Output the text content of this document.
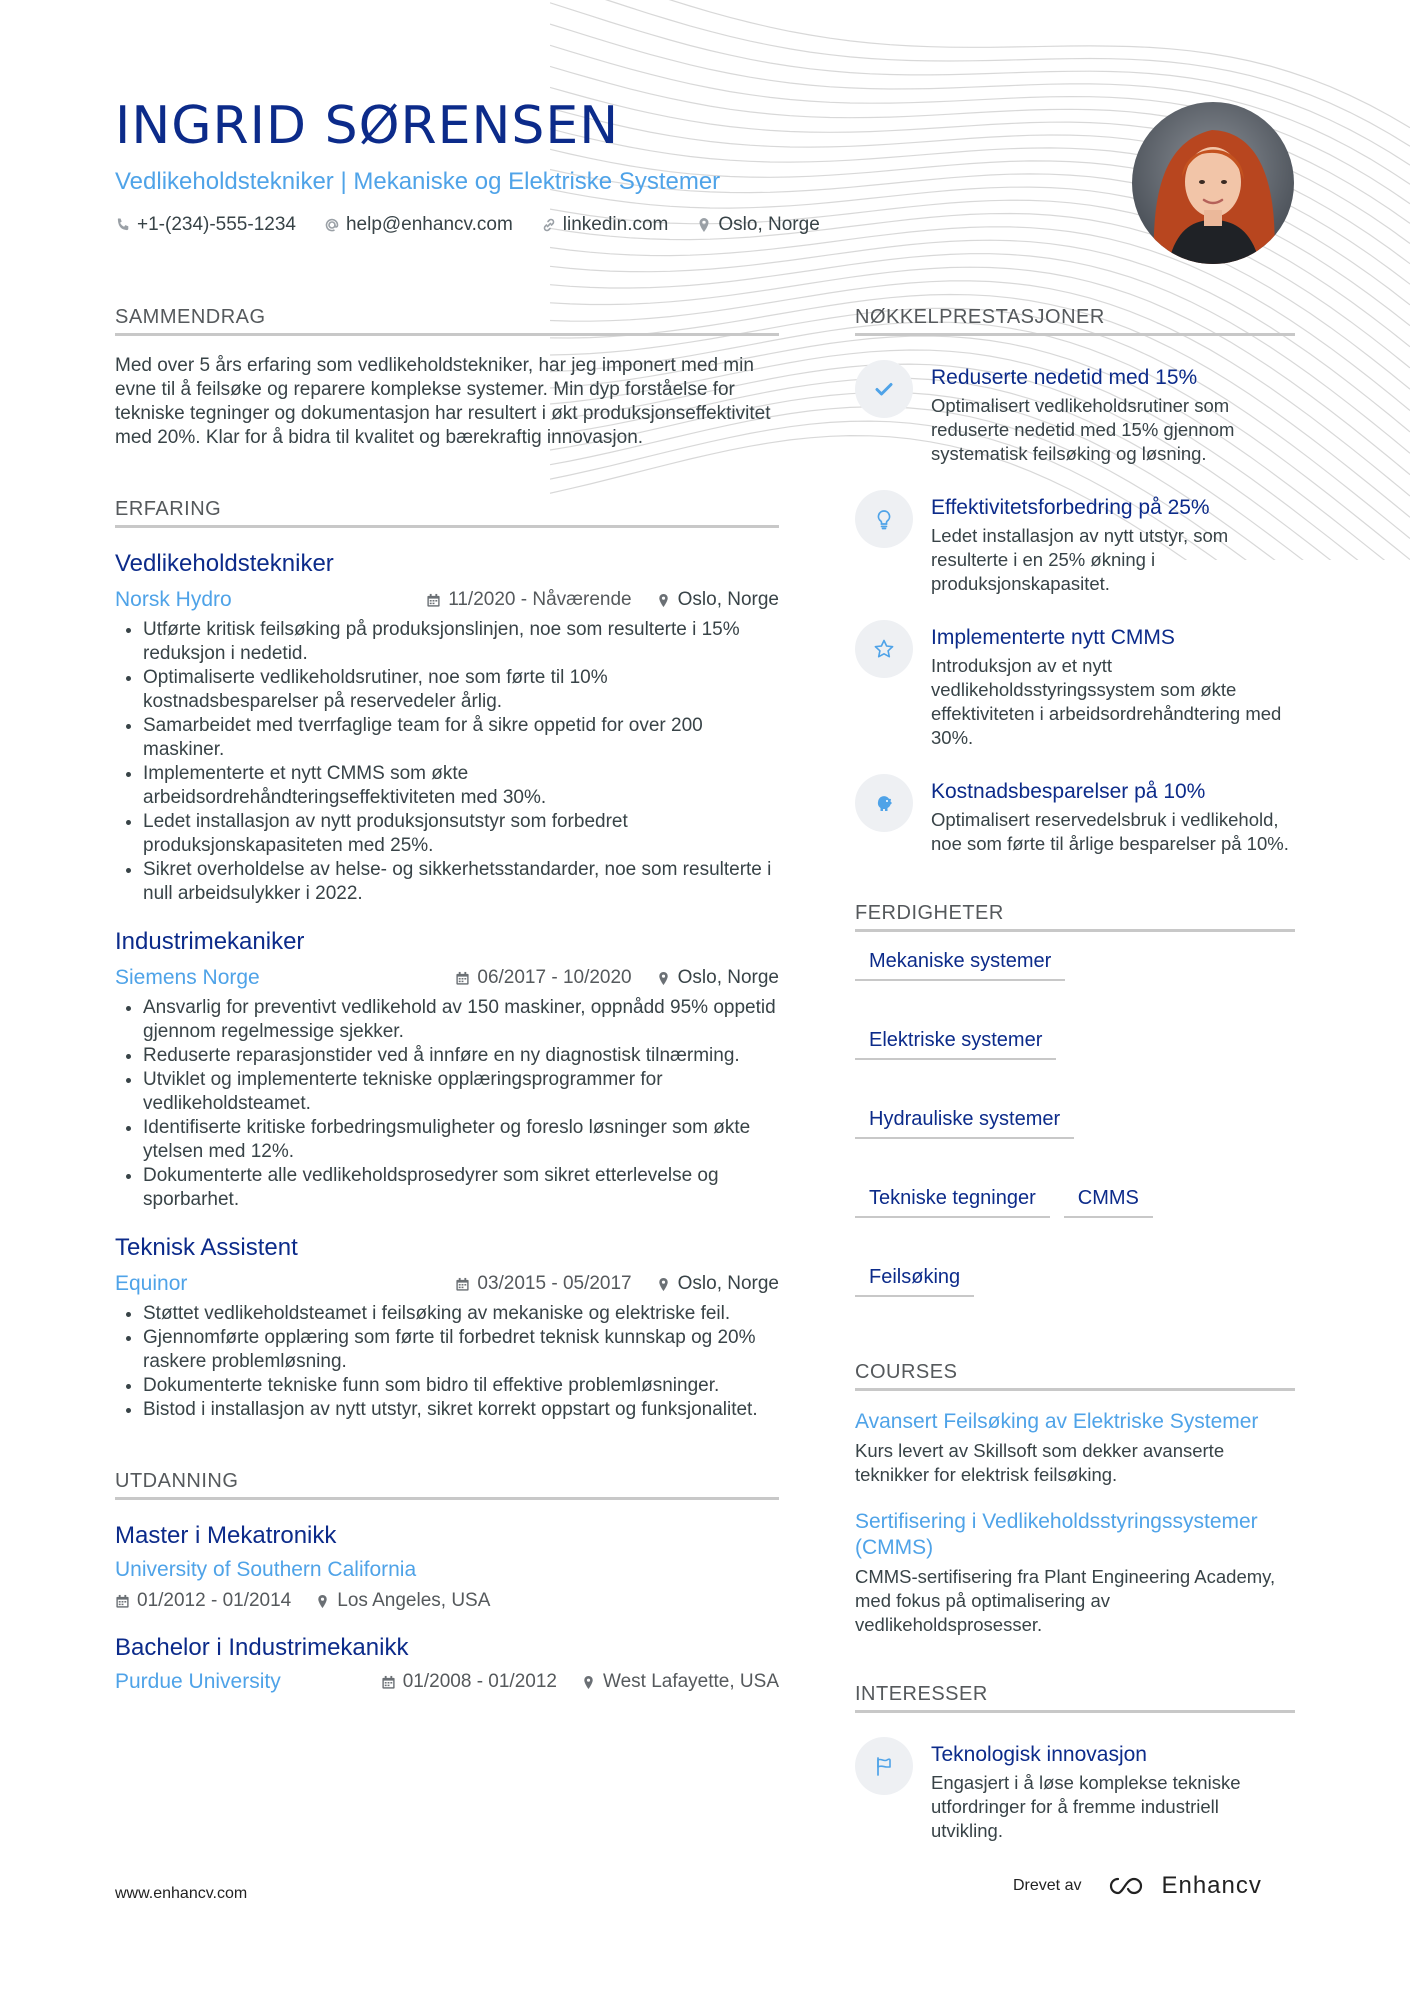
INGRID SØRENSEN
Vedlikeholdstekniker | Mekaniske og Elektriske Systemer
+1-(234)-555-1234	help@enhancv.com	linkedin.com	Oslo, Norge
SAMMENDRAG
Med over 5 års erfaring som vedlikeholdstekniker, har jeg imponert med min evne til å feilsøke og reparere komplekse systemer. Min dyp forståelse for tekniske tegninger og dokumentasjon har resultert i økt produksjonseffektivitet med 20%. Klar for å bidra til kvalitet og bærekraftig innovasjon.
ERFARING
Vedlikeholdstekniker
Norsk Hydro	11/2020 - Nåværende Oslo, Norge
• Utførte kritisk feilsøking på produksjonslinjen, noe som resulterte i 15% reduksjon i nedetid.
• Optimaliserte vedlikeholdsrutiner, noe som førte til 10% kostnadsbesparelser på reservedeler årlig.
• Samarbeidet med tverrfaglige team for å sikre oppetid for over 200 maskiner.
• Implementerte et nytt CMMS som økte arbeidsordrehåndteringseffektiviteten med 30%.
• Ledet installasjon av nytt produksjonsutstyr som forbedret produksjonskapasiteten med 25%.
• Sikret overholdelse av helse- og sikkerhetsstandarder, noe som resulterte i null arbeidsulykker i 2022.
Industrimekaniker
Siemens Norge	06/2017 - 10/2020 Oslo, Norge
• Ansvarlig for preventivt vedlikehold av 150 maskiner, oppnådd 95% oppetid gjennom regelmessige sjekker.
• Reduserte reparasjonstider ved å innføre en ny diagnostisk tilnærming.
• Utviklet og implementerte tekniske opplæringsprogrammer for vedlikeholdsteamet.
• Identifiserte kritiske forbedringsmuligheter og foreslo løsninger som økte ytelsen med 12%.
• Dokumenterte alle vedlikeholdsprosedyrer som sikret etterlevelse og sporbarhet.
Teknisk Assistent
Equinor	03/2015 - 05/2017 Oslo, Norge
• Støttet vedlikeholdsteamet i feilsøking av mekaniske og elektriske feil.
• Gjennomførte opplæring som førte til forbedret teknisk kunnskap og 20% raskere problemløsning.
• Dokumenterte tekniske funn som bidro til effektive problemløsninger.
• Bistod i installasjon av nytt utstyr, sikret korrekt oppstart og funksjonalitet.
UTDANNING
Master i Mekatronikk
University of Southern California
01/2012 - 01/2014 Los Angeles, USA
Bachelor i Industrimekanikk
Purdue University	01/2008 - 01/2012 West Lafayette, USA
NØKKELPRESTASJONER
Reduserte nedetid med 15%
Optimalisert vedlikeholdsrutiner som reduserte nedetid med 15% gjennom systematisk feilsøking og løsning.
Effektivitetsforbedring på 25%
Ledet installasjon av nytt utstyr, som resulterte i en 25% økning i produksjonskapasitet.
Implementerte nytt CMMS
Introduksjon av et nytt vedlikeholdsstyringssystem som økte effektiviteten i arbeidsordrehåndtering med 30%.
Kostnadsbesparelser på 10%
Optimalisert reservedelsbruk i vedlikehold, noe som førte til årlige besparelser på 10%.
FERDIGHETER
Mekaniske systemer
Elektriske systemer
Hydrauliske systemer
Tekniske tegninger	CMMS
Feilsøking
COURSES
Avansert Feilsøking av Elektriske Systemer
Kurs levert av Skillsoft som dekker avanserte teknikker for elektrisk feilsøking.
Sertifisering i Vedlikeholdsstyringssystemer (CMMS)
CMMS-sertifisering fra Plant Engineering Academy, med fokus på optimalisering av vedlikeholdsprosesser.
INTERESSER
Teknologisk innovasjon
Engasjert i å løse komplekse tekniske utfordringer for å fremme industriell utvikling.
www.enhancv.com	Drevet av	Enhancv
